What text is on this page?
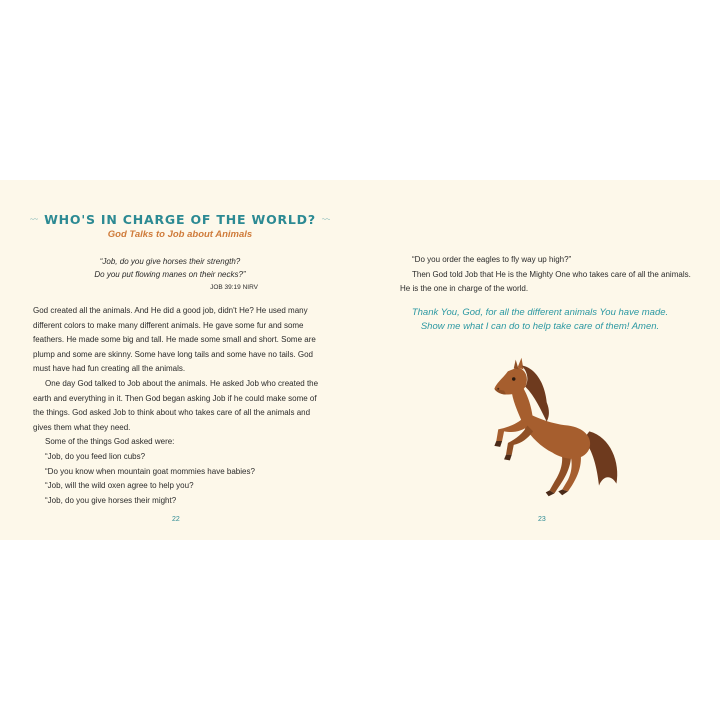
WHO'S IN CHARGE OF THE WORLD?
God Talks to Job about Animals
“Job, do you give horses their strength?
Do you put flowing manes on their necks?”
JOB 39:19 NIRV

God created all the animals. And He did a good job, didn't He? He used many different colors to make many different animals. He gave some fur and some feathers. He made some big and tall. He made some small and short. Some are plump and some are skinny. Some have long tails and some have no tails. God must have had fun creating all the animals.

One day God talked to Job about the animals. He asked Job who created the earth and everything in it. Then God began asking Job if he could make some of the things. God asked Job to think about who takes care of all the animals and gives them what they need.

Some of the things God asked were:

“Job, do you feed lion cubs?

“Do you know when mountain goat mommies have babies?

“Job, will the wild oxen agree to help you?

“Job, do you give horses their might?

22

“Do you order the eagles to fly way up high?”

Then God told Job that He is the Mighty One who takes care of all the animals. He is the one in charge of the world.

Thank You, God, for all the different animals You have made.
Show me what I can do to help take care of them! Amen.
23
